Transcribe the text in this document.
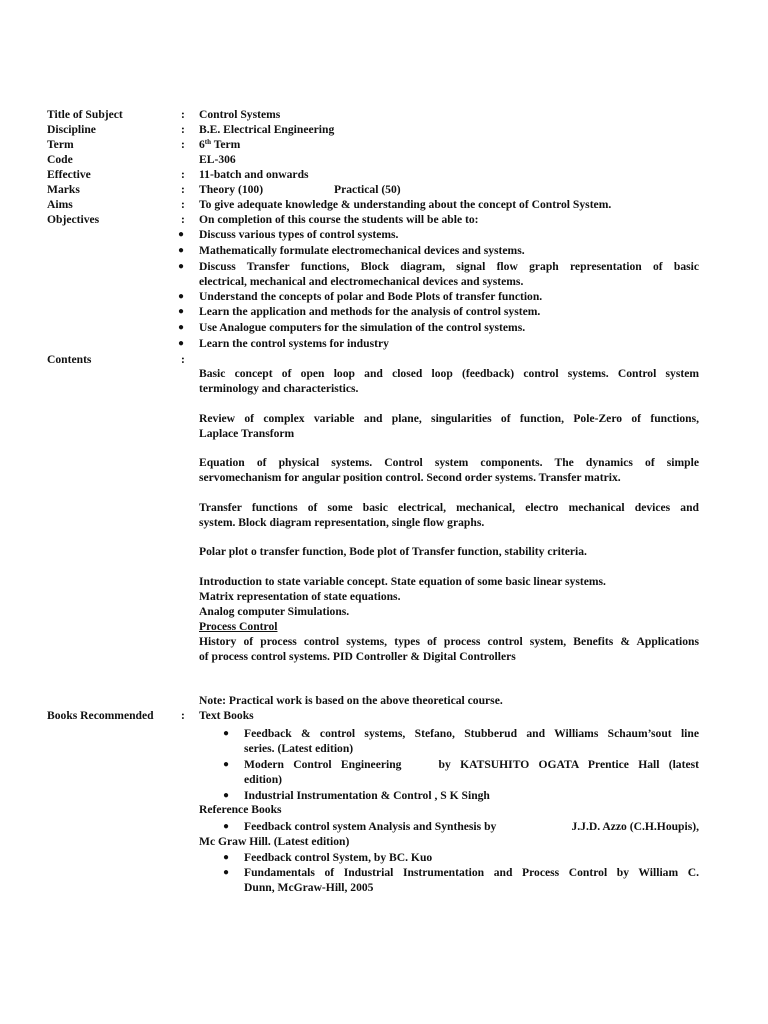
Title of Subject	: Control Systems
Discipline	: B.E. Electrical Engineering
Term	: 6th Term
Code	EL-306
Effective	: 11-batch and onwards
Marks	: Theory (100)	Practical (50)
Aims	: To give adequate knowledge & understanding about the concept of Control System.
Objectives	: On completion of this course the students will be able to:
● Discuss various types of control systems.
● Mathematically formulate electromechanical devices and systems.
● Discuss Transfer functions, Block diagram, signal flow graph representation of basic
electrical, mechanical and electromechanical devices and systems.
● Understand the concepts of polar and Bode Plots of transfer function.
● Learn the application and methods for the analysis of control system.
● Use Analogue computers for the simulation of the control systems.
● Learn the control systems for industry
Contents	:
Basic concept of open loop and closed loop (feedback) control systems. Control system
terminology and characteristics.
Review of complex variable and plane, singularities of function, Pole-Zero of functions,
Laplace Transform
Equation of physical systems. Control system components. The dynamics of simple
servomechanism for angular position control. Second order systems. Transfer matrix.
Transfer functions of some basic electrical, mechanical, electro mechanical devices and
system. Block diagram representation, single flow graphs.
Polar plot o transfer function, Bode plot of Transfer function, stability criteria.
Introduction to state variable concept. State equation of some basic linear systems.
Matrix representation of state equations.
Analog computer Simulations.
Process Control
History of process control systems, types of process control system, Benefits & Applications
of process control systems. PID Controller & Digital Controllers
Note: Practical work is based on the above theoretical course.
Books Recommended : Text Books
● Feedback & control systems, Stefano, Stubberud and Williams Schaum’sout line
series. (Latest edition)
● Modern Control Engineering    by KATSUHITO OGATA Prentice Hall (latest
edition)
● Industrial Instrumentation & Control , S K Singh
Reference Books
● Feedback control system Analysis and Synthesis by	J.J.D. Azzo (C.H.Houpis),
Mc Graw Hill. (Latest edition)
● Feedback control System, by BC. Kuo
● Fundamentals of Industrial Instrumentation and Process Control by William C.
Dunn, McGraw-Hill, 2005
